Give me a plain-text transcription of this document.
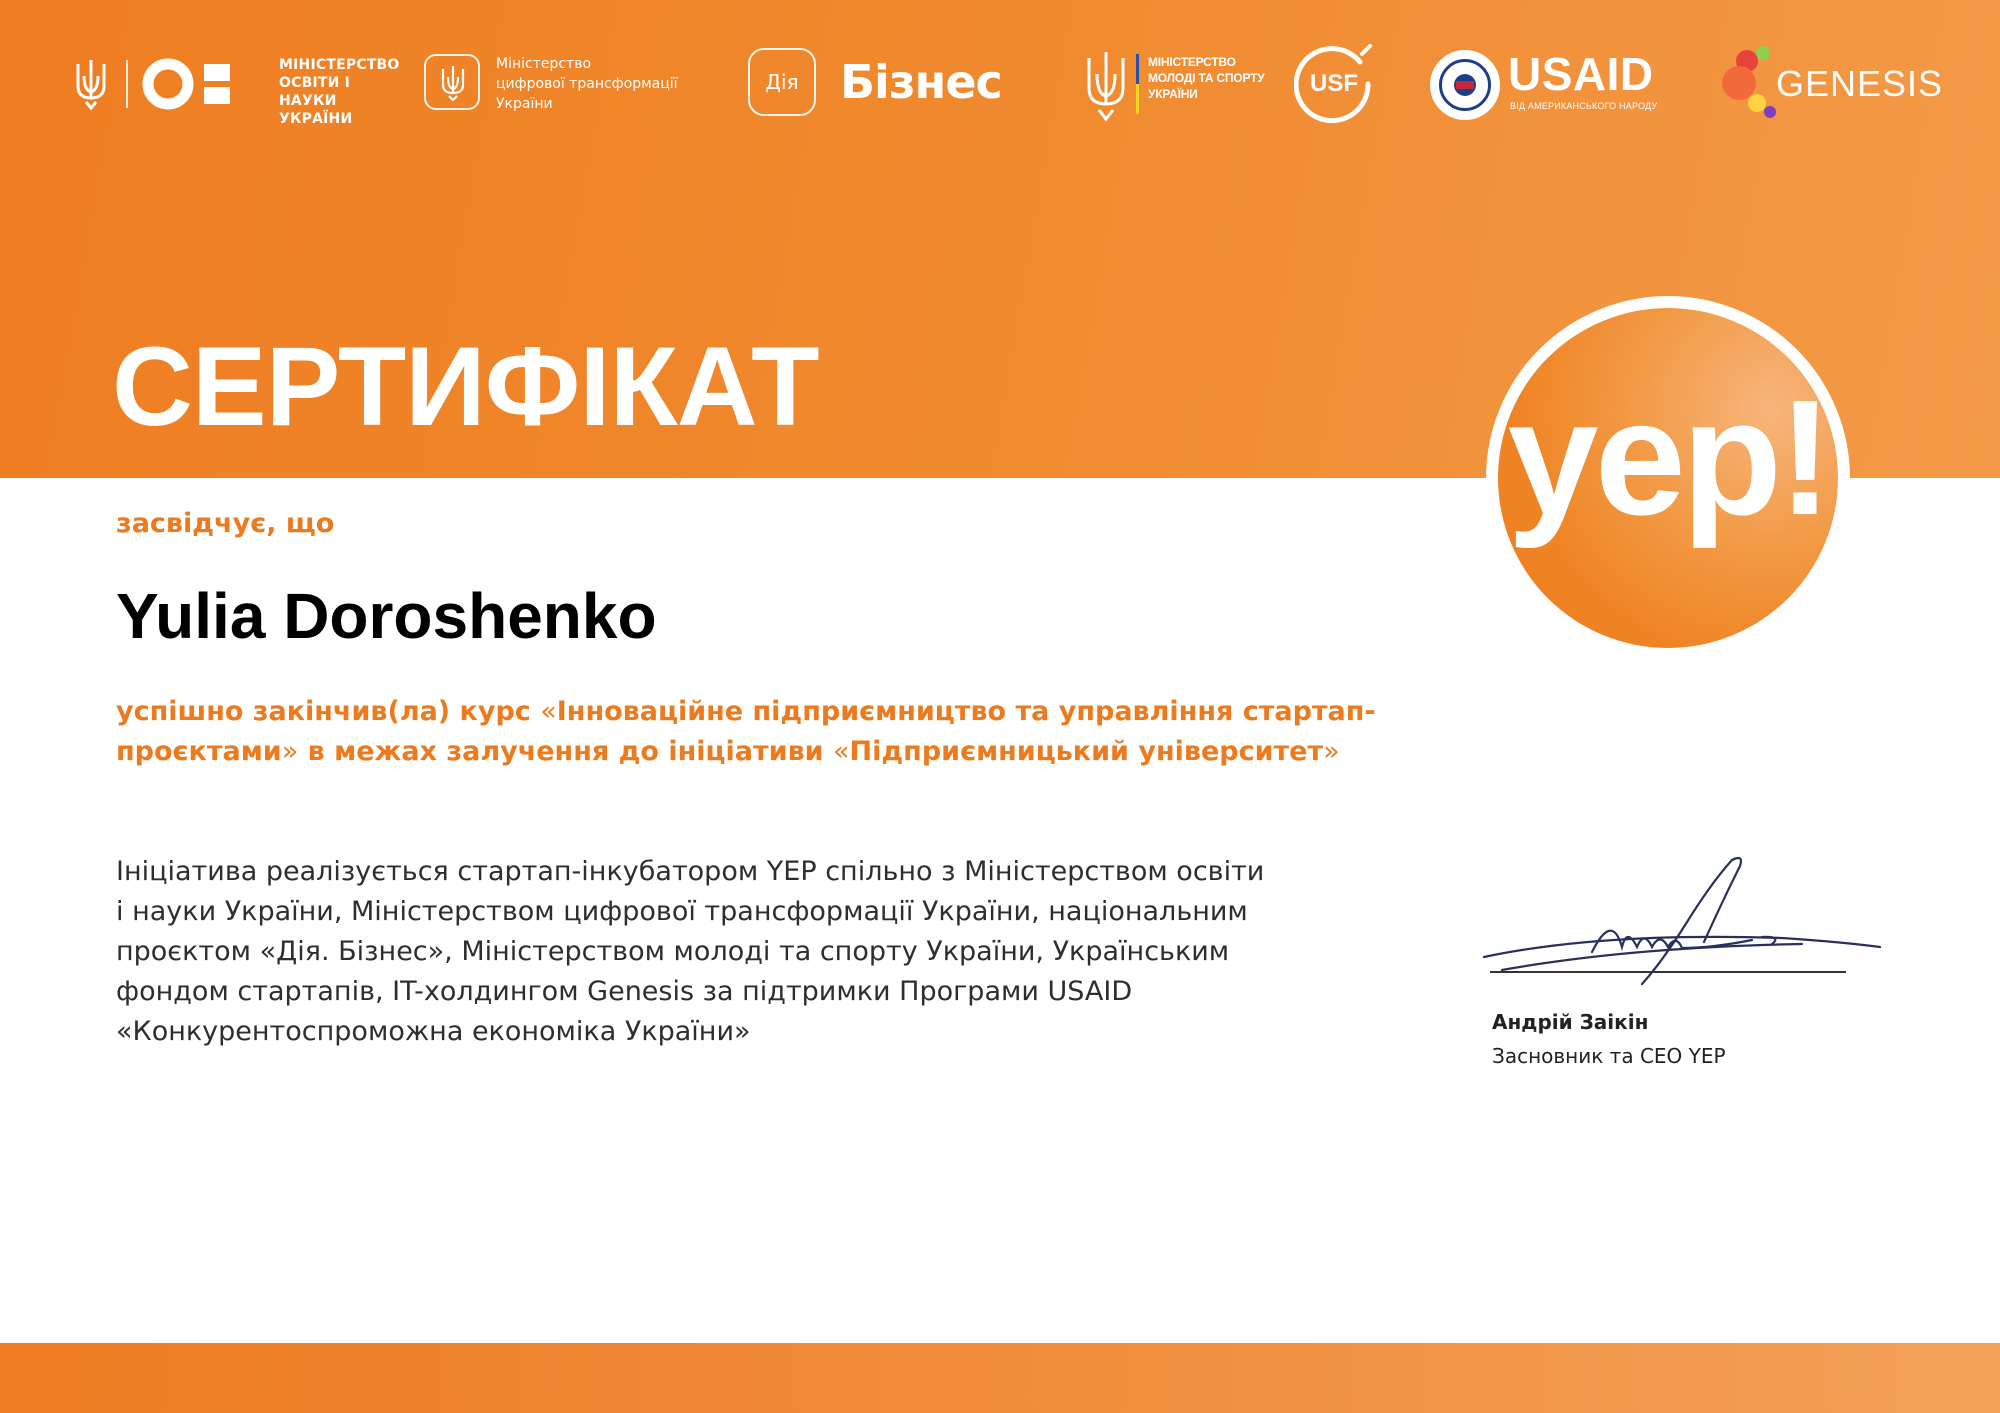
МІНІСТЕРСТВО
ОСВІТИ І НАУКИ
УКРАЇНИ
Міністерство
цифрової трансформації
України
Дія Бізнес	МІНІСТЕРСТВО
МОЛОДІ ТА СПОРТУ
УКРАЇНИ	USF	USAID
ВІД АМЕРИКАНСЬКОГО НАРОДУ
GENESIS
СЕРТИФІКАТ	yep!
засвідчує, що
Yulia Doroshenko
успішно закінчив(ла) курс «Інноваційне підприємництво та управління стартап-
проєктами» в межах залучення до ініціативи «Підприємницький університет»
Ініціатива реалізується стартап-інкубатором YEP спільно з Міністерством освіти
і науки України, Міністерством цифрової трансформації України, національним
проєктом «Дія. Бізнес», Міністерством молоді та спорту України, Українським
фондом стартапів, IT-холдингом Genesis за підтримки Програми USAID
«Конкурентоспроможна економіка України»	Андрій Заікін
Засновник та CEO YEP
